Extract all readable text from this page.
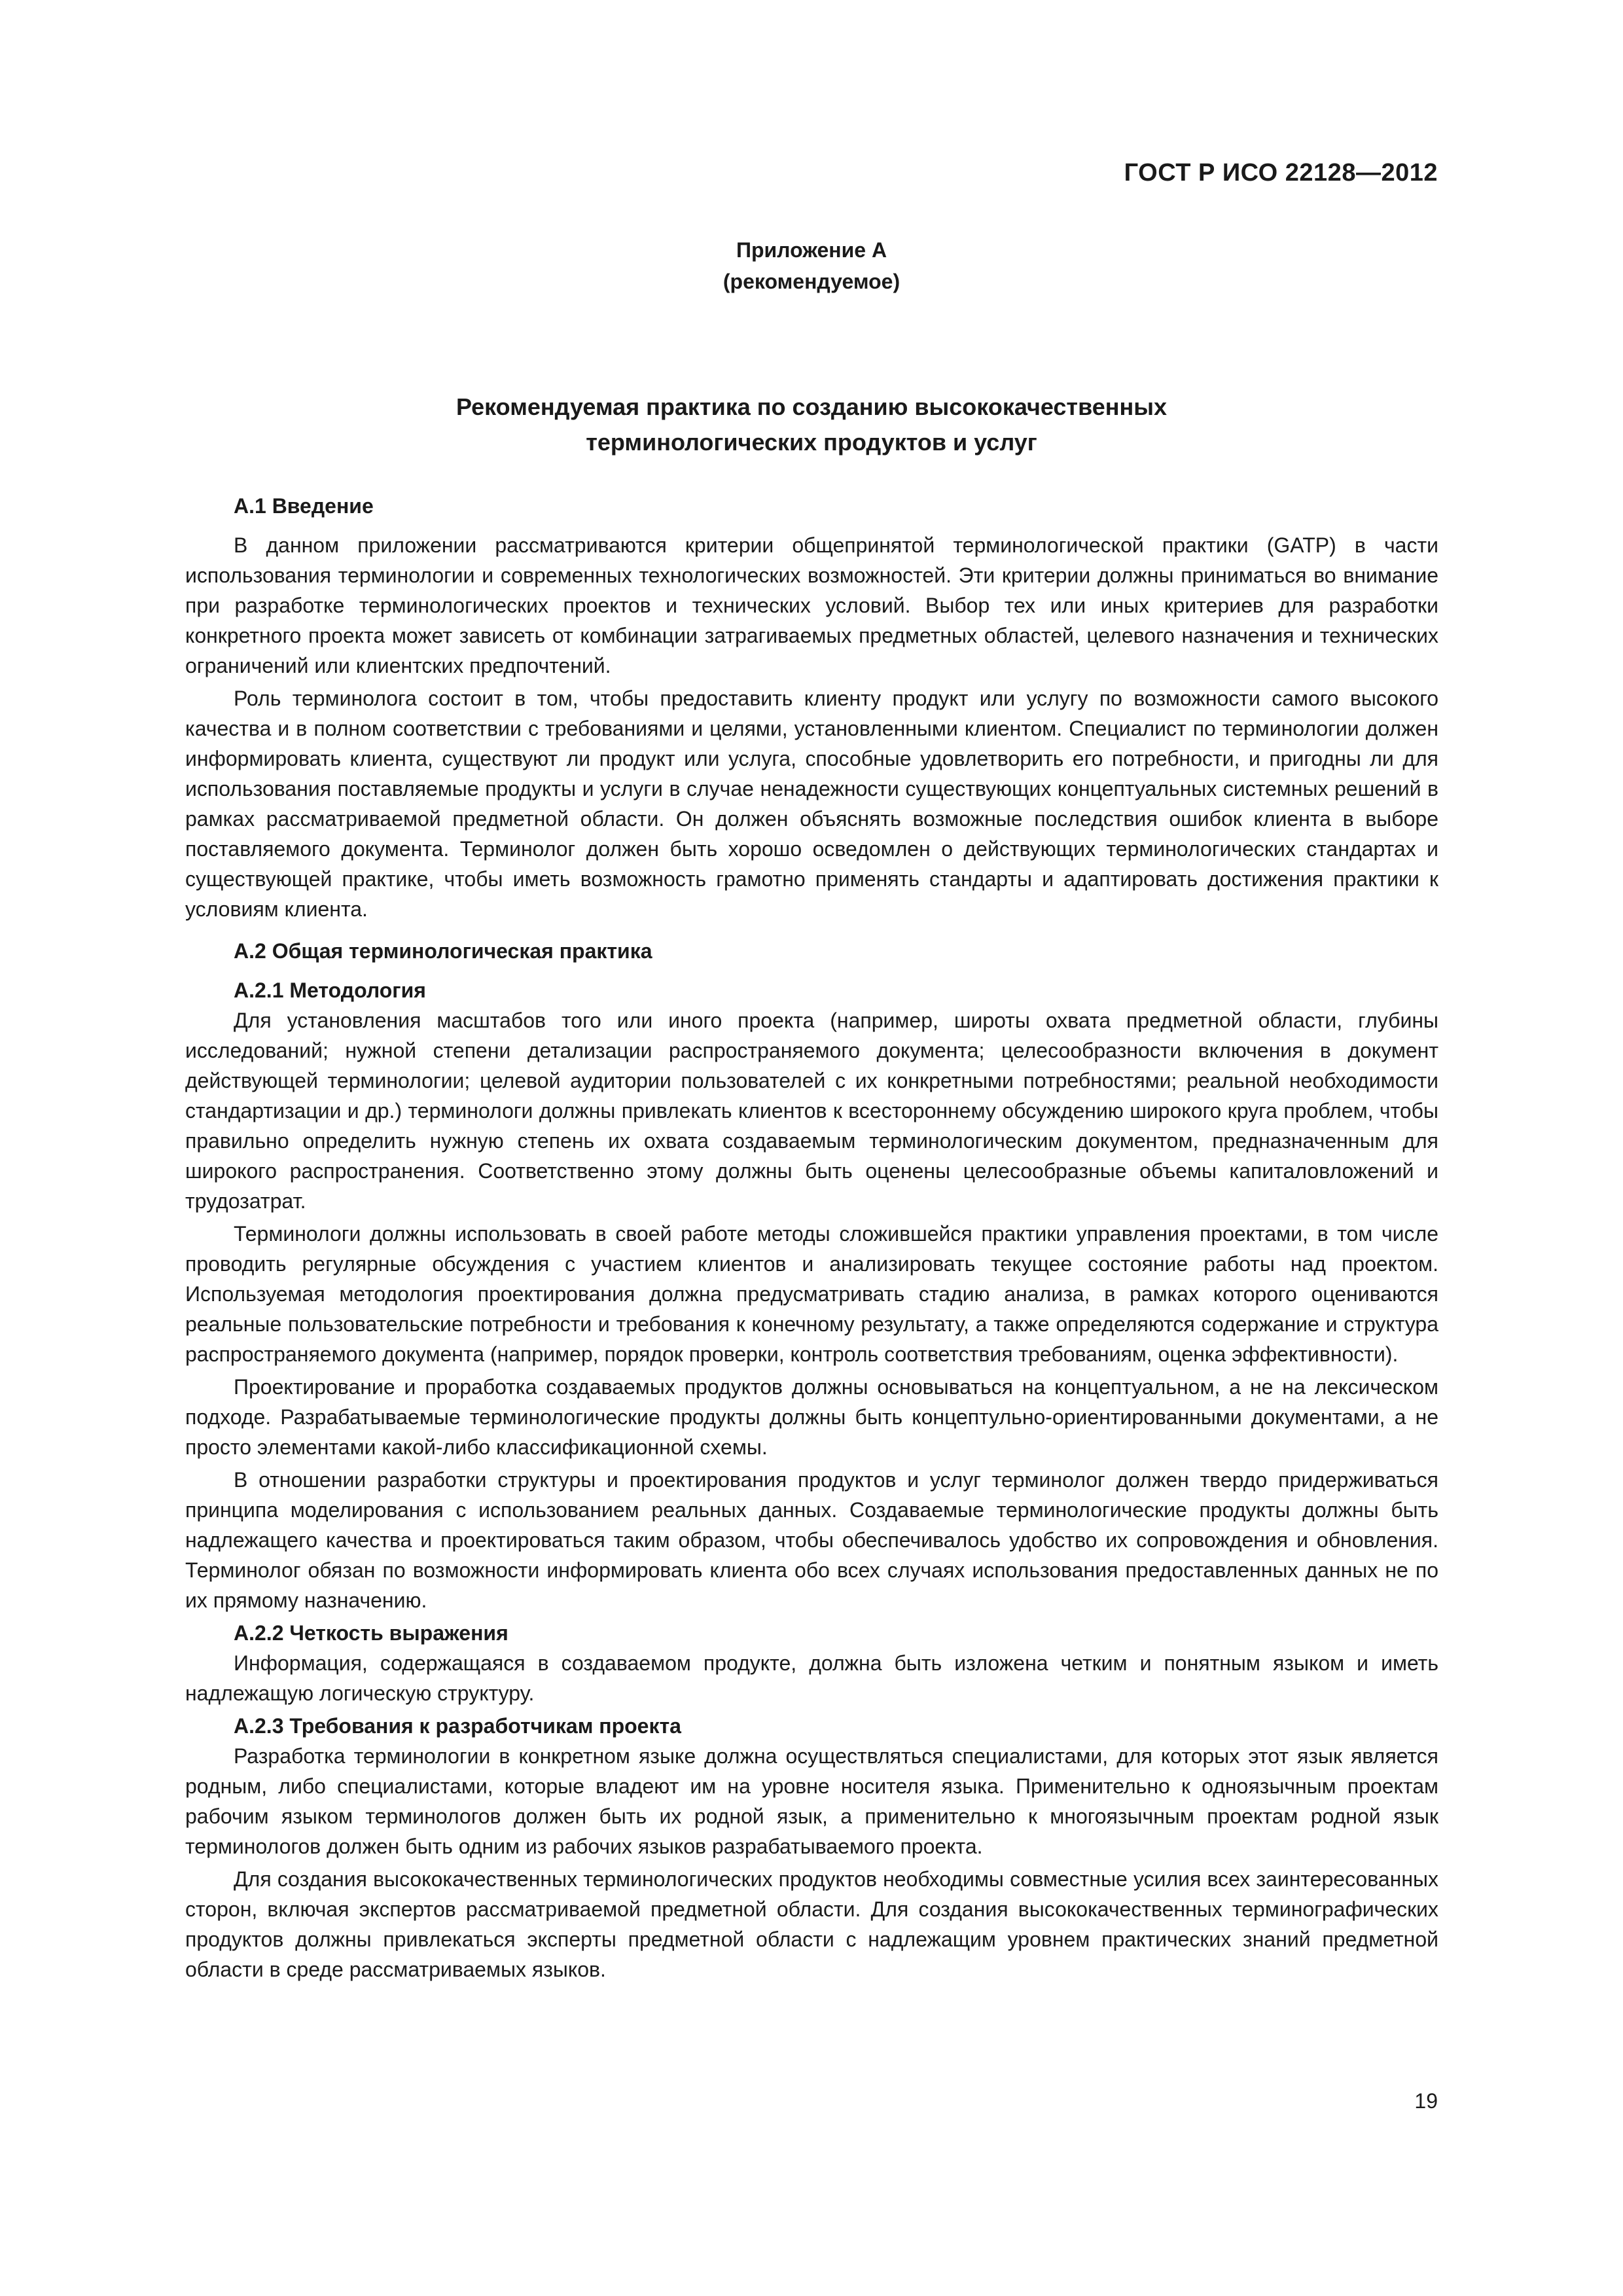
ГОСТ Р ИСО 22128—2012
Приложение А
(рекомендуемое)
Рекомендуемая практика по созданию высококачественных
терминологических продуктов и услуг
А.1 Введение

В данном приложении рассматриваются критерии общепринятой терминологической практики (GATP) в части использования терминологии и современных технологических возможностей. Эти критерии должны приниматься во внимание при разработке терминологических проектов и технических условий. Выбор тех или иных критериев для разработки конкретного проекта может зависеть от комбинации затрагиваемых предметных областей, целевого назначения и технических ограничений или клиентских предпочтений.

Роль терминолога состоит в том, чтобы предоставить клиенту продукт или услугу по возможности самого высокого качества и в полном соответствии с требованиями и целями, установленными клиентом. Специалист по терминологии должен информировать клиента, существуют ли продукт или услуга, способные удовлетворить его потребности, и пригодны ли для использования поставляемые продукты и услуги в случае ненадежности существующих концептуальных системных решений в рамках рассматриваемой предметной области. Он должен объяснять возможные последствия ошибок клиента в выборе поставляемого документа. Терминолог должен быть хорошо осведомлен о действующих терминологических стандартах и существующей практике, чтобы иметь возможность грамотно применять стандарты и адаптировать достижения практики к условиям клиента.

А.2 Общая терминологическая практика
А.2.1 Методология

Для установления масштабов того или иного проекта (например, широты охвата предметной области, глубины исследований; нужной степени детализации распространяемого документа; целесообразности включения в документ действующей терминологии; целевой аудитории пользователей с их конкретными потребностями; реальной необходимости стандартизации и др.) терминологи должны привлекать клиентов к всестороннему обсуждению широкого круга проблем, чтобы правильно определить нужную степень их охвата создаваемым терминологическим документом, предназначенным для широкого распространения. Соответственно этому должны быть оценены целесообразные объемы капиталовложений и трудозатрат.

Терминологи должны использовать в своей работе методы сложившейся практики управления проектами, в том числе проводить регулярные обсуждения с участием клиентов и анализировать текущее состояние работы над проектом. Используемая методология проектирования должна предусматривать стадию анализа, в рамках которого оцениваются реальные пользовательские потребности и требования к конечному результату, а также определяются содержание и структура распространяемого документа (например, порядок проверки, контроль соответствия требованиям, оценка эффективности).

Проектирование и проработка создаваемых продуктов должны основываться на концептуальном, а не на лексическом подходе. Разрабатываемые терминологические продукты должны быть концептульно-ориентированными документами, а не просто элементами какой-либо классификационной схемы.

В отношении разработки структуры и проектирования продуктов и услуг терминолог должен твердо придерживаться принципа моделирования с использованием реальных данных. Создаваемые терминологические продукты должны быть надлежащего качества и проектироваться таким образом, чтобы обеспечивалось удобство их сопровождения и обновления. Терминолог обязан по возможности информировать клиента обо всех случаях использования предоставленных данных не по их прямому назначению.

А.2.2 Четкость выражения

Информация, содержащаяся в создаваемом продукте, должна быть изложена четким и понятным языком и иметь надлежащую логическую структуру.

А.2.3 Требования к разработчикам проекта

Разработка терминологии в конкретном языке должна осуществляться специалистами, для которых этот язык является родным, либо специалистами, которые владеют им на уровне носителя языка. Применительно к одноязычным проектам рабочим языком терминологов должен быть их родной язык, а применительно к многоязычным проектам родной язык терминологов должен быть одним из рабочих языков разрабатываемого проекта.

Для создания высококачественных терминологических продуктов необходимы совместные усилия всех заинтересованных сторон, включая экспертов рассматриваемой предметной области. Для создания высококачественных терминографических продуктов должны привлекаться эксперты предметной области с надлежащим уровнем практических знаний предметной области в среде рассматриваемых языков.

19
